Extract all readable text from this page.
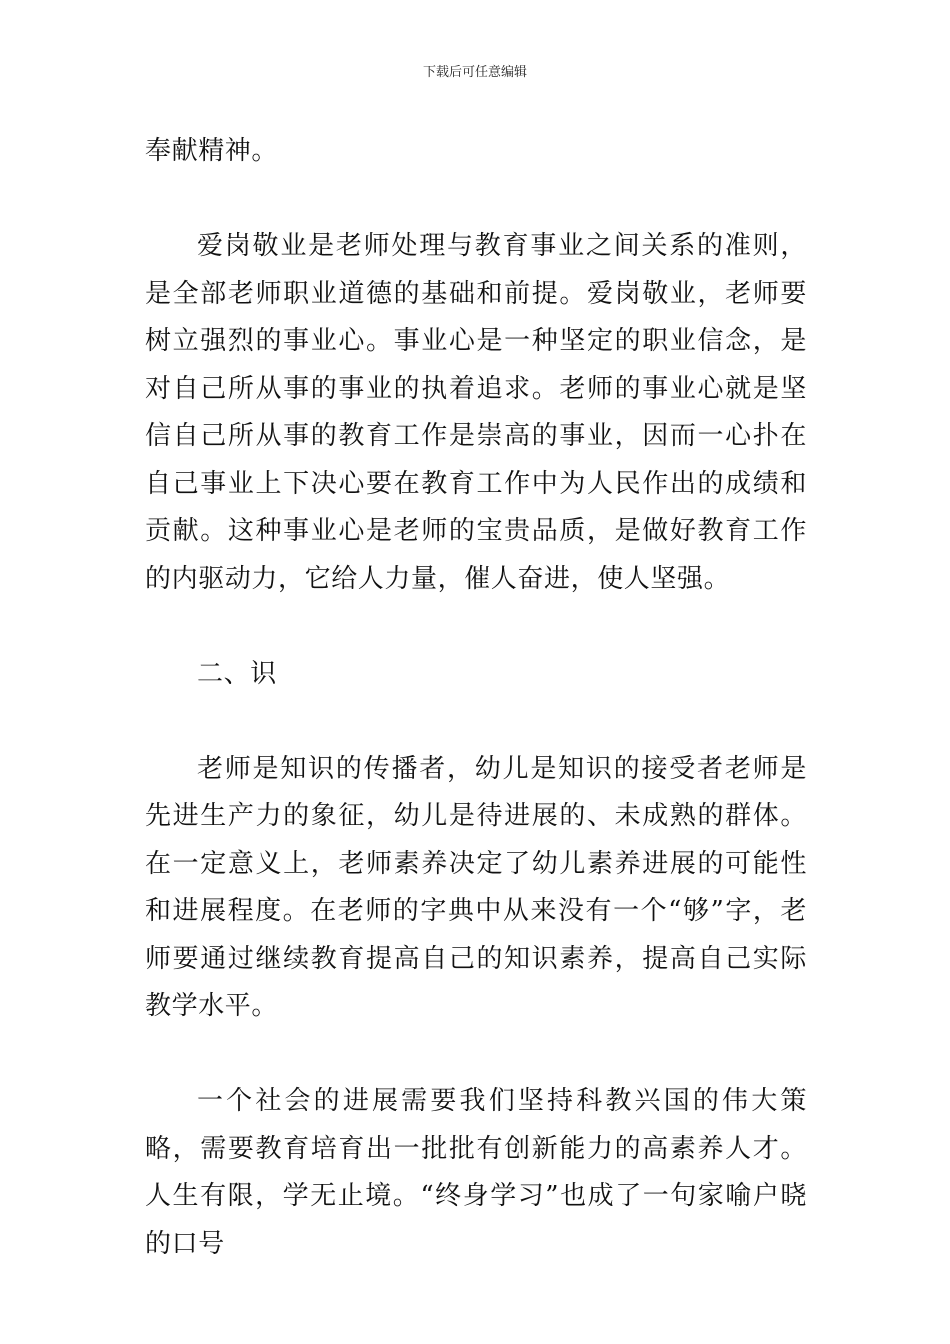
下载后可任意编辑

奉献精神。

爱岗敬业是老师处理与教育事业之间关系的准则，是全部老师职业道德的基础和前提。爱岗敬业，老师要树立强烈的事业心。事业心是一种坚定的职业信念，是对自己所从事的事业的执着追求。老师的事业心就是坚信自己所从事的教育工作是崇高的事业，因而一心扑在自己事业上下决心要在教育工作中为人民作出的成绩和贡献。这种事业心是老师的宝贵品质，是做好教育工作的内驱动力，它给人力量，催人奋进，使人坚强。

二、识

老师是知识的传播者，幼儿是知识的接受者老师是先进生产力的象征，幼儿是待进展的、未成熟的群体。在一定意义上，老师素养决定了幼儿素养进展的可能性和进展程度。在老师的字典中从来没有一个“够”字，老师要通过继续教育提高自己的知识素养，提高自己实际教学水平。

一个社会的进展需要我们坚持科教兴国的伟大策略，需要教育培育出一批批有创新能力的高素养人才。人生有限，学无止境。“终身学习”也成了一句家喻户晓的口号
